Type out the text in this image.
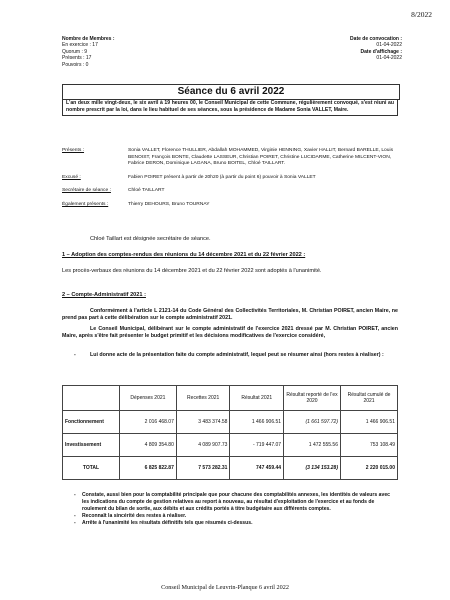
8/2022
Nombre de Membres :
En exercice : 17
Quorum : 9
Présents : 17
Pouvoirs : 0
Date de convocation :
01-04-2022
Date d'affichage :
01-04-2022
Séance du 6 avril 2022
L'an deux mille vingt-deux, le six avril à 19 heures 00, le Conseil Municipal de cette Commune, régulièrement convoqué, s'est réuni au nombre prescrit par la loi, dans le lieu habituel de ses séances, sous la présidence de Madame Sonia VALLET, Maire.
Présents :	Sonia VALLET, Florence THULLIER, Abdallah MOHAMMED, Virginie HENNING, Xavier HALLIT, Bernard BARELLE, Louis BENOIST, François BONTE, Claudette LASSEUR, Christian POIRET, Christine LUCIDARME, Catherine MILCENT-VION, Fabrice DERON, Dominique LAGANA, Bruno BOITEL, Chloé TAILLART.
Excusé :	Fabien POIRET présent à partir de 20h20 (à partir du point 6) pouvoir à Sonia VALLET
Secrétaire de séance :	Chloé TAILLART
Également présents :	Thierry DEHOURS, Bruno TOURNAY
Chloé Taillart est désignée secrétaire de séance.
1 – Adoption des comptes-rendus des réunions du 14 décembre 2021 et du 22 février 2022 :
Les procès-verbaux des réunions du 14 décembre 2021 et du 22 février 2022 sont adoptés à l'unanimité.
2 – Compte-Administratif 2021 :
Conformément à l'article L 2121-14 du Code Général des Collectivités Territoriales, M. Christian POIRET, ancien Maire, ne prend pas part à cette délibération sur le compte administratif 2021.
Le Conseil Municipal, délibérant sur le compte administratif de l'exercice 2021 dressé par M. Christian POIRET, ancien Maire, après s'être fait présenter le budget primitif et les décisions modificatives de l'exercice considéré,
-	Lui donne acte de la présentation faite du compte administratif, lequel peut se résumer ainsi (hors restes à réaliser) :
	Dépenses 2021	Recettes 2021	Résultat 2021	Résultat reporté de l'ex 2020	Résultat cumulé de 2021
Fonctionnement	2 016 468.07	3 483 374.58	1 466 906.51	(1 661 597.72)	1 466 906.51
Investissement	4 809 354.80	4 089 907.73	- 719 447.07	1 472 555.56	753 108.49
TOTAL	6 825 822.87	7 573 282.31	747 459.44	(3 134 153.28)	2 220 015.00
-	Constate, aussi bien pour la comptabilité principale que pour chacune des comptabilités annexes, les identités de valeurs avec les indications du compte de gestion relatives au report à nouveau, au résultat d'exploitation de l'exercice et au fonds de roulement du bilan de sortie, aux débits et aux crédits portés à titre budgétaire aux différents comptes.
-	Reconnaît la sincérité des restes à réaliser.
-	Arrête à l'unanimité les résultats définitifs tels que résumés ci-dessus.
Conseil Municipal de Leuvrin-Planque 6 avril 2022
